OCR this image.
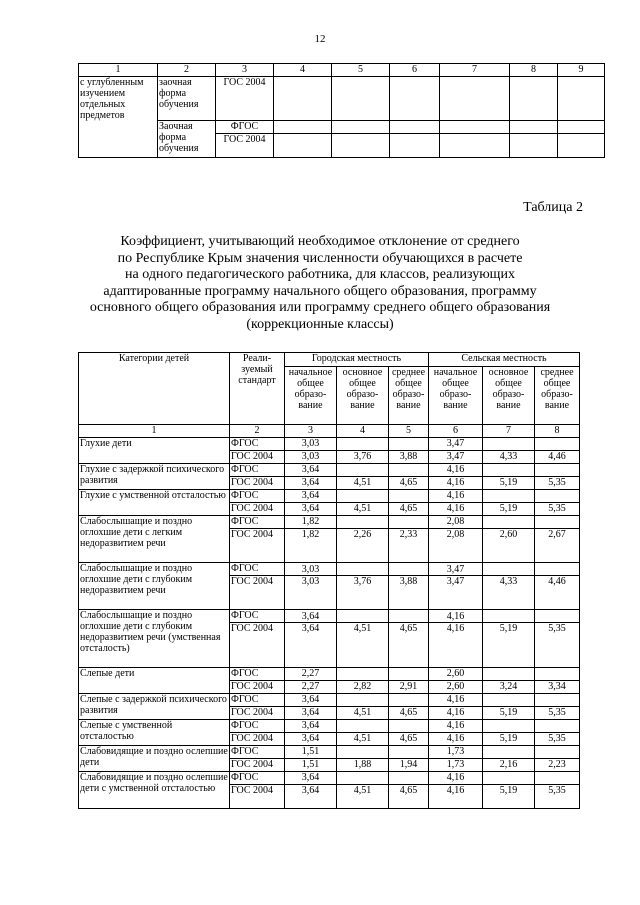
12
1	2	3	4	5	6	7	8	9
с углубленным изучением отдельных предметов	заочная форма обучения	ГОС 2004						
	Заочная форма обучения	ФГОС						
		ГОС 2004						
Таблица 2
Коэффициент, учитывающий необходимое отклонение от среднего
по Республике Крым значения численности обучающихся в расчете
на одного педагогического работника, для классов, реализующих
адаптированные программу начального общего образования, программу
основного общего образования или программу среднего общего образования
(коррекционные классы)
Категории детей	Реали-зуемый стандарт	Городская местность			Сельская местность		
		начальное общее образо-вание	основное общее образо-вание	среднее общее образо-вание	начальное общее образо-вание	основное общее образо-вание	среднее общее образо-вание
1	2	3	4	5	6	7	8
Глухие дети	ФГОС	3,03			3,47		
	ГОС 2004	3,03	3,76	3,88	3,47	4,33	4,46
Глухие с задержкой психического развития	ФГОС	3,64			4,16		
	ГОС 2004	3,64	4,51	4,65	4,16	5,19	5,35
Глухие с умственной отсталостью	ФГОС	3,64			4,16		
	ГОС 2004	3,64	4,51	4,65	4,16	5,19	5,35
Слабослышащие и поздно оглохшие дети с легким недоразвитием речи	ФГОС	1,82			2,08		
	ГОС 2004	1,82	2,26	2,33	2,08	2,60	2,67
Слабослышащие и поздно оглохшие дети с глубоким недоразвитием речи	ФГОС	3,03			3,47		
	ГОС 2004	3,03	3,76	3,88	3,47	4,33	4,46
Слабослышащие и поздно оглохшие дети с глубоким недоразвитием речи (умственная отсталость)	ФГОС	3,64			4,16		
	ГОС 2004	3,64	4,51	4,65	4,16	5,19	5,35
Слепые дети	ФГОС	2,27			2,60		
	ГОС 2004	2,27	2,82	2,91	2,60	3,24	3,34
Слепые с задержкой психического развития	ФГОС	3,64			4,16		
	ГОС 2004	3,64	4,51	4,65	4,16	5,19	5,35
Слепые с умственной отсталостью	ФГОС	3,64			4,16		
	ГОС 2004	3,64	4,51	4,65	4,16	5,19	5,35
Слабовидящие и поздно ослепшие дети	ФГОС	1,51			1,73		
	ГОС 2004	1,51	1,88	1,94	1,73	2,16	2,23
Слабовидящие и поздно ослепшие дети с умственной отсталостью	ФГОС	3,64			4,16		
	ГОС 2004	3,64	4,51	4,65	4,16	5,19	5,35
